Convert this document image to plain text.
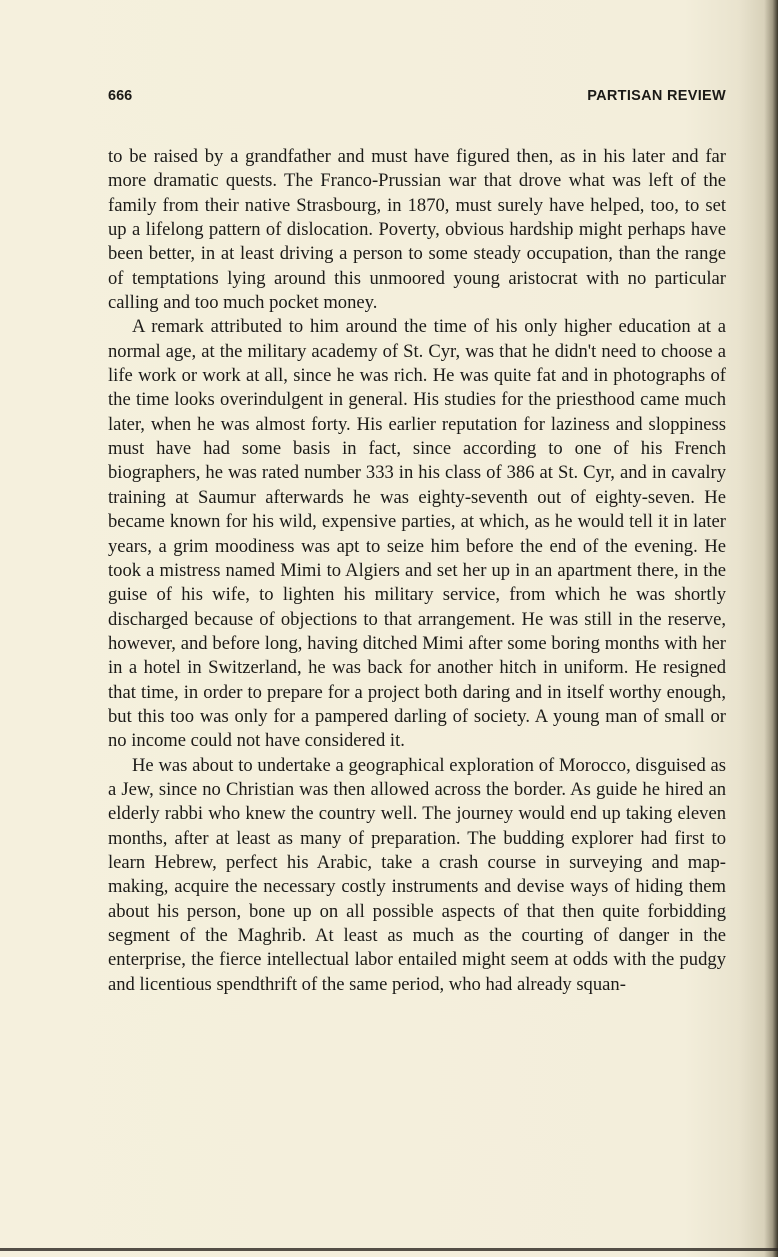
666	PARTISAN REVIEW

to be raised by a grandfather and must have figured then, as in his later and far more dramatic quests. The Franco-Prussian war that drove what was left of the family from their native Strasbourg, in 1870, must surely have helped, too, to set up a lifelong pattern of dislocation. Poverty, obvious hardship might perhaps have been better, in at least driving a person to some steady occupation, than the range of temptations lying around this unmoored young aristocrat with no particular calling and too much pocket money.

A remark attributed to him around the time of his only higher education at a normal age, at the military academy of St. Cyr, was that he didn't need to choose a life work or work at all, since he was rich. He was quite fat and in photographs of the time looks overindulgent in general. His studies for the priesthood came much later, when he was almost forty. His earlier reputation for laziness and sloppiness must have had some basis in fact, since according to one of his French biographers, he was rated number 333 in his class of 386 at St. Cyr, and in cavalry training at Saumur afterwards he was eighty-seventh out of eighty-seven. He became known for his wild, expensive parties, at which, as he would tell it in later years, a grim moodiness was apt to seize him before the end of the evening. He took a mistress named Mimi to Algiers and set her up in an apartment there, in the guise of his wife, to lighten his military service, from which he was shortly discharged because of objections to that arrangement. He was still in the reserve, however, and before long, having ditched Mimi after some boring months with her in a hotel in Switzerland, he was back for another hitch in uniform. He resigned that time, in order to prepare for a project both daring and in itself worthy enough, but this too was only for a pampered darling of society. A young man of small or no income could not have considered it.

He was about to undertake a geographical exploration of Morocco, disguised as a Jew, since no Christian was then allowed across the border. As guide he hired an elderly rabbi who knew the country well. The journey would end up taking eleven months, after at least as many of preparation. The budding explorer had first to learn Hebrew, perfect his Arabic, take a crash course in surveying and map-making, acquire the necessary costly instruments and devise ways of hiding them about his person, bone up on all possible aspects of that then quite forbidding segment of the Maghrib. At least as much as the courting of danger in the enterprise, the fierce intellectual labor entailed might seem at odds with the pudgy and licentious spendthrift of the same period, who had already squan-
